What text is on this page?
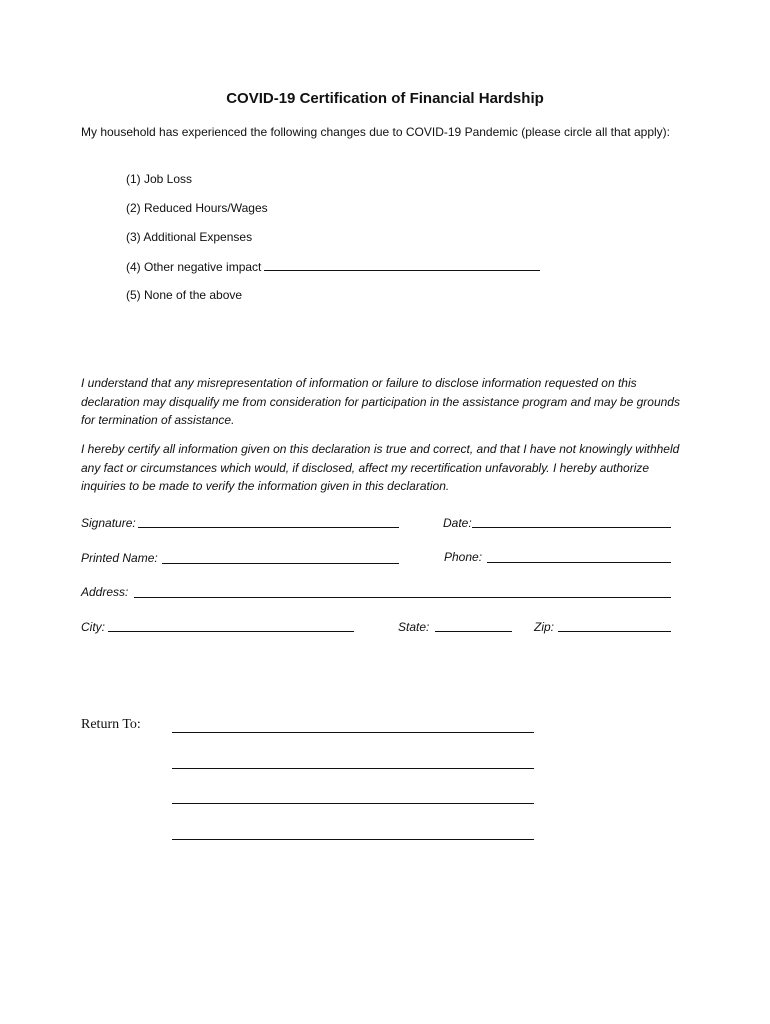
COVID-19 Certification of Financial Hardship
My household has experienced the following changes due to COVID-19 Pandemic (please circle all that apply):
(1) Job Loss
(2) Reduced Hours/Wages
(3) Additional Expenses
(4) Other negative impact
(5) None of the above
I understand that any misrepresentation of information or failure to disclose information requested on this declaration may disqualify me from consideration for participation in the assistance program and may be grounds for termination of assistance.
I hereby certify all information given on this declaration is true and correct, and that I have not knowingly withheld any fact or circumstances which would, if disclosed, affect my recertification unfavorably. I hereby authorize inquiries to be made to verify the information given in this declaration.
Signature:	Date:
Printed Name:	Phone:
Address:
City:	State:	Zip:
Return To:
